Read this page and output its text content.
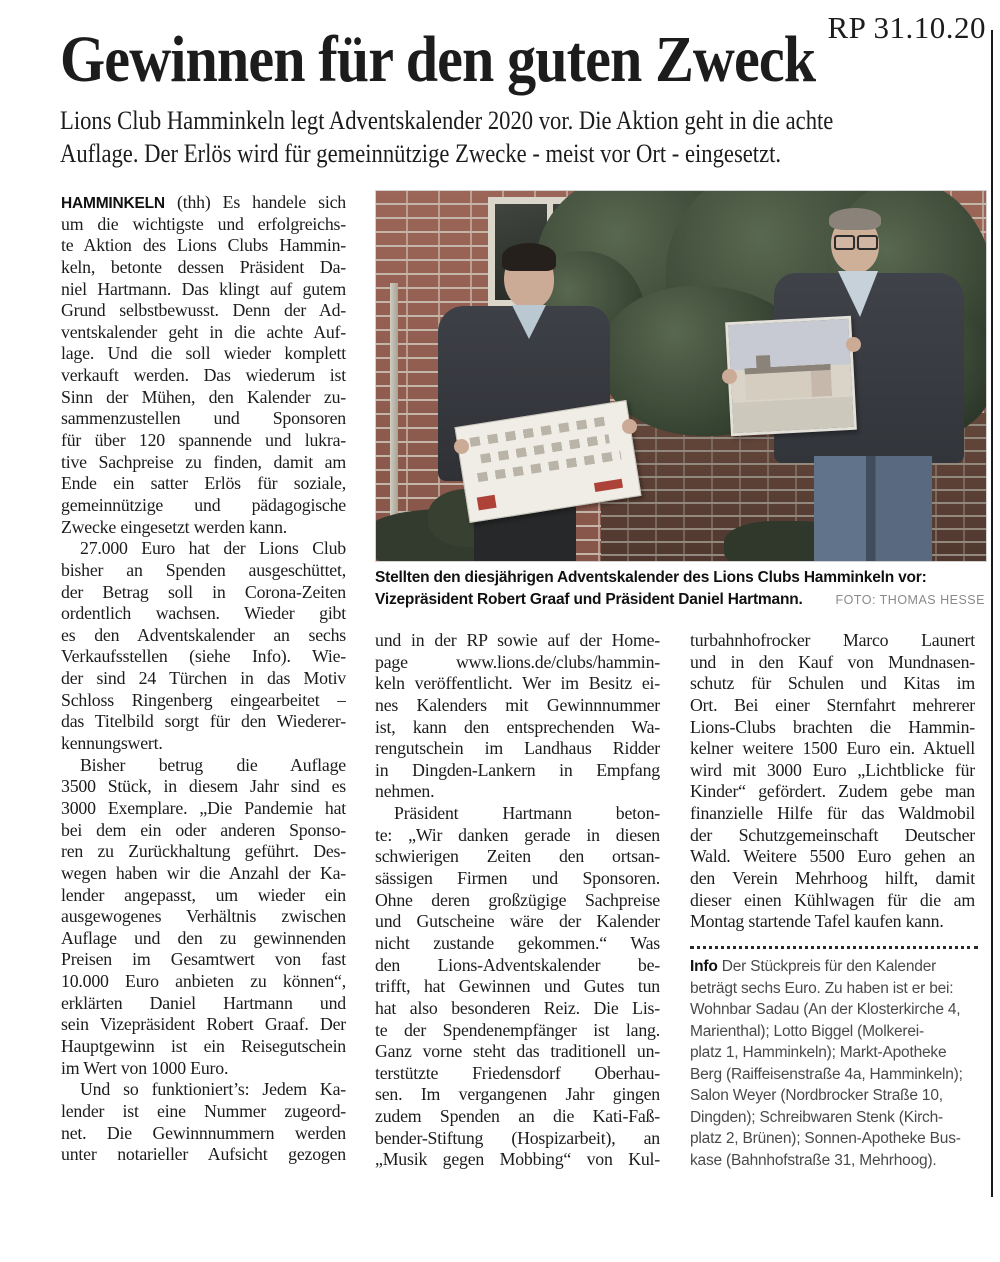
RP 31.10.20
Gewinnen für den guten Zweck
Lions Club Hamminkeln legt Adventskalender 2020 vor. Die Aktion geht in die achte
Auflage. Der Erlös wird für gemeinnützige Zwecke - meist vor Ort - eingesetzt.
HAMMINKELN (thh) Es handele sich
um die wichtigste und erfolgreichs-
te Aktion des Lions Clubs Hammin-
keln, betonte dessen Präsident Da-
niel Hartmann. Das klingt auf gutem
Grund selbstbewusst. Denn der Ad-
ventskalender geht in die achte Auf-
lage. Und die soll wieder komplett
verkauft werden. Das wiederum ist
Sinn der Mühen, den Kalender zu-
sammenzustellen und Sponsoren
für über 120 spannende und lukra-
tive Sachpreise zu finden, damit am
Ende ein satter Erlös für soziale,
gemeinnützige und pädagogische
Zwecke eingesetzt werden kann.
27.000 Euro hat der Lions Club
bisher an Spenden ausgeschüttet,
der Betrag soll in Corona-Zeiten
ordentlich wachsen. Wieder gibt
es den Adventskalender an sechs
Verkaufsstellen (siehe Info). Wie-
der sind 24 Türchen in das Motiv
Schloss Ringenberg eingearbeitet –
das Titelbild sorgt für den Wiederer-
kennungswert.
Bisher betrug die Auflage
3500 Stück, in diesem Jahr sind es
3000 Exemplare. „Die Pandemie hat
bei dem ein oder anderen Sponso-
ren zu Zurückhaltung geführt. Des-
wegen haben wir die Anzahl der Ka-
lender angepasst, um wieder ein
ausgewogenes Verhältnis zwischen
Auflage und den zu gewinnenden
Preisen im Gesamtwert von fast
10.000 Euro anbieten zu können“,
erklärten Daniel Hartmann und
sein Vizepräsident Robert Graaf. Der
Hauptgewinn ist ein Reisegutschein
im Wert von 1000 Euro.
Und so funktioniert’s: Jedem Ka-
lender ist eine Nummer zugeord-
net. Die Gewinnnummern werden
unter notarieller Aufsicht gezogen
Stellten den diesjährigen Adventskalender des Lions Clubs Hamminkeln vor:
Vizepräsident Robert Graaf und Präsident Daniel Hartmann.	FOTO: THOMAS HESSE
und in der RP sowie auf der Home-
page www.lions.de/clubs/hammin-
keln veröffentlicht. Wer im Besitz ei-
nes Kalenders mit Gewinnnummer
ist, kann den entsprechenden Wa-
rengutschein im Landhaus Ridder
in Dingden-Lankern in Empfang
nehmen.
Präsident Hartmann beton-
te: „Wir danken gerade in diesen
schwierigen Zeiten den ortsan-
sässigen Firmen und Sponsoren.
Ohne deren großzügige Sachpreise
und Gutscheine wäre der Kalender
nicht zustande gekommen.“ Was
den Lions-Adventskalender be-
trifft, hat Gewinnen und Gutes tun
hat also besonderen Reiz. Die Lis-
te der Spendenempfänger ist lang.
Ganz vorne steht das traditionell un-
terstützte Friedensdorf Oberhau-
sen. Im vergangenen Jahr gingen
zudem Spenden an die Kati-Faß-
bender-Stiftung (Hospizarbeit), an
„Musik gegen Mobbing“ von Kul-
turbahnhofrocker Marco Launert
und in den Kauf von Mundnasen-
schutz für Schulen und Kitas im
Ort. Bei einer Sternfahrt mehrerer
Lions-Clubs brachten die Hammin-
kelner weitere 1500 Euro ein. Aktuell
wird mit 3000 Euro „Lichtblicke für
Kinder“ gefördert. Zudem gebe man
finanzielle Hilfe für das Waldmobil
der Schutzgemeinschaft Deutscher
Wald. Weitere 5500 Euro gehen an
den Verein Mehrhoog hilft, damit
dieser einen Kühlwagen für die am
Montag startende Tafel kaufen kann.
Info Der Stückpreis für den Kalender
beträgt sechs Euro. Zu haben ist er bei:
Wohnbar Sadau (An der Klosterkirche 4,
Marienthal); Lotto Biggel (Molkerei-
platz 1, Hamminkeln); Markt-Apotheke
Berg (Raiffeisenstraße 4a, Hamminkeln);
Salon Weyer (Nordbrocker Straße 10,
Dingden); Schreibwaren Stenk (Kirch-
platz 2, Brünen); Sonnen-Apotheke Bus-
kase (Bahnhofstraße 31, Mehrhoog).
